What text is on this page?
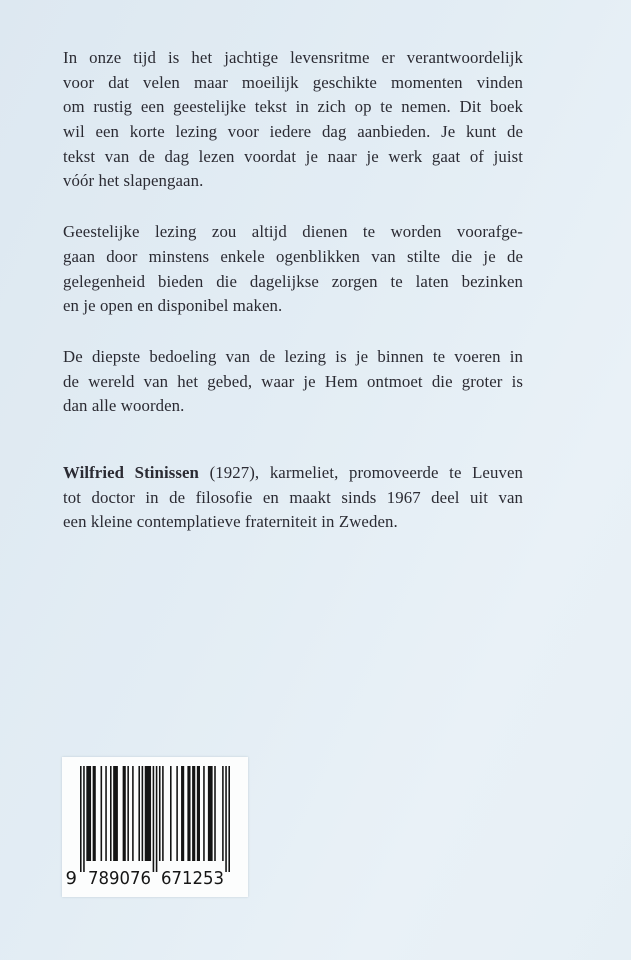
In onze tijd is het jachtige levensritme er verantwoordelijk
voor dat velen maar moeilijk geschikte momenten vinden
om rustig een geestelijke tekst in zich op te nemen. Dit boek
wil een korte lezing voor iedere dag aanbieden. Je kunt de
tekst van de dag lezen voordat je naar je werk gaat of juist
vóór het slapengaan.
Geestelijke lezing zou altijd dienen te worden voorafge-
gaan door minstens enkele ogenblikken van stilte die je de
gelegenheid bieden die dagelijkse zorgen te laten bezinken
en je open en disponibel maken.
De diepste bedoeling van de lezing is je binnen te voeren in
de wereld van het gebed, waar je Hem ontmoet die groter is
dan alle woorden.
Wilfried Stinissen (1927), karmeliet, promoveerde te Leuven
tot doctor in de filosofie en maakt sinds 1967 deel uit van
een kleine contemplatieve fraterniteit in Zweden.
9 789076 671253
